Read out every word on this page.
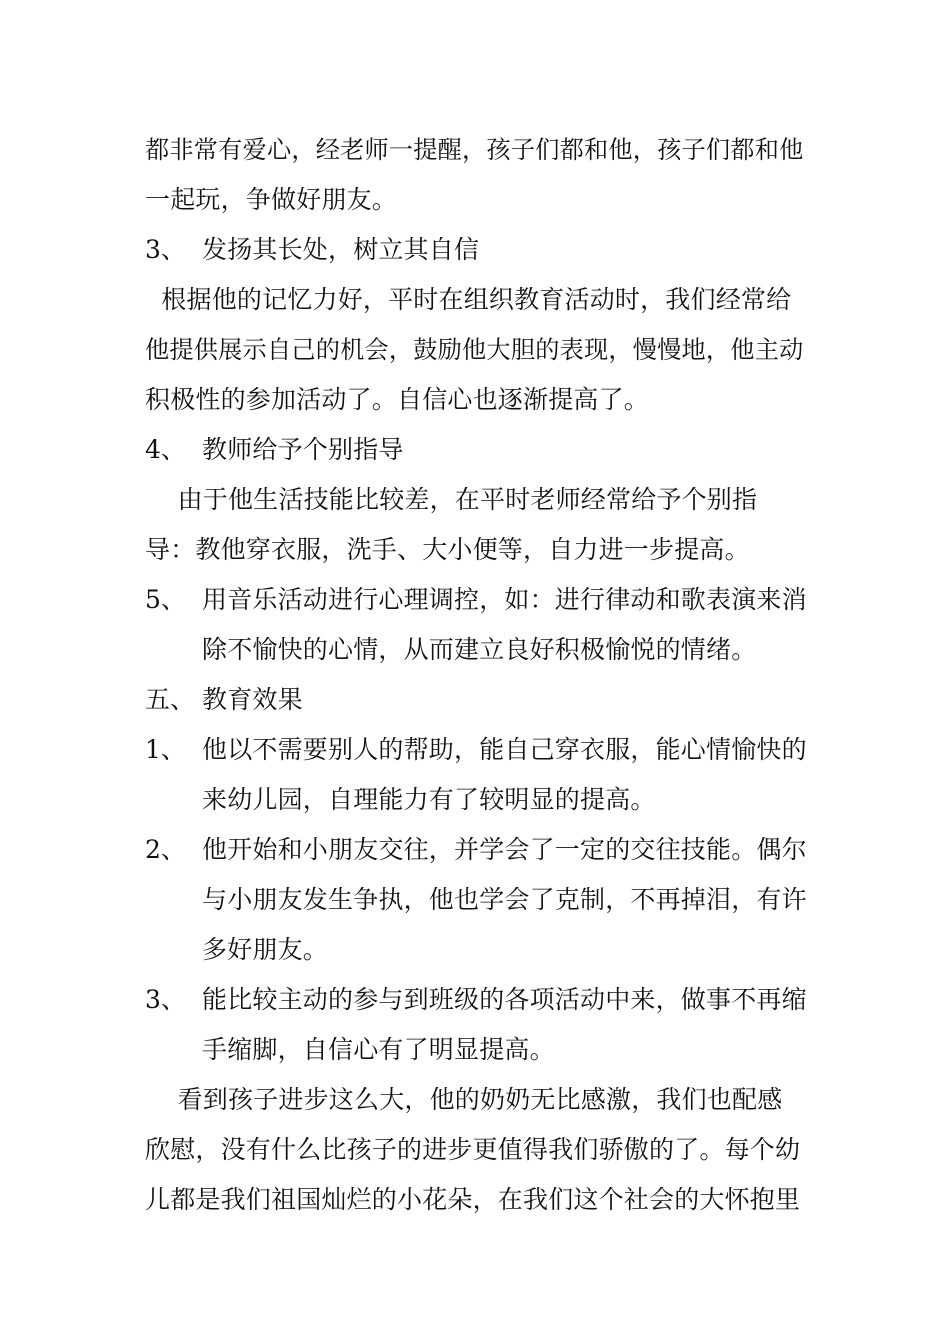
都非常有爱心，经老师一提醒，孩子们都和他，孩子们都和他
一起玩，争做好朋友。
3、 发扬其长处，树立其自信
根据他的记忆力好，平时在组织教育活动时，我们经常给
他提供展示自己的机会，鼓励他大胆的表现，慢慢地，他主动
积极性的参加活动了。自信心也逐渐提高了。
4、 教师给予个别指导
由于他生活技能比较差，在平时老师经常给予个别指
导：教他穿衣服，洗手、大小便等，自力进一步提高。
5、 用音乐活动进行心理调控，如：进行律动和歌表演来消
除不愉快的心情，从而建立良好积极愉悦的情绪。
五、 教育效果
1、 他以不需要别人的帮助，能自己穿衣服，能心情愉快的
来幼儿园，自理能力有了较明显的提高。
2、 他开始和小朋友交往，并学会了一定的交往技能。偶尔
与小朋友发生争执，他也学会了克制，不再掉泪，有许
多好朋友。
3、 能比较主动的参与到班级的各项活动中来，做事不再缩
手缩脚，自信心有了明显提高。
看到孩子进步这么大，他的奶奶无比感激，我们也配感
欣慰，没有什么比孩子的进步更值得我们骄傲的了。每个幼
儿都是我们祖国灿烂的小花朵，在我们这个社会的大怀抱里
